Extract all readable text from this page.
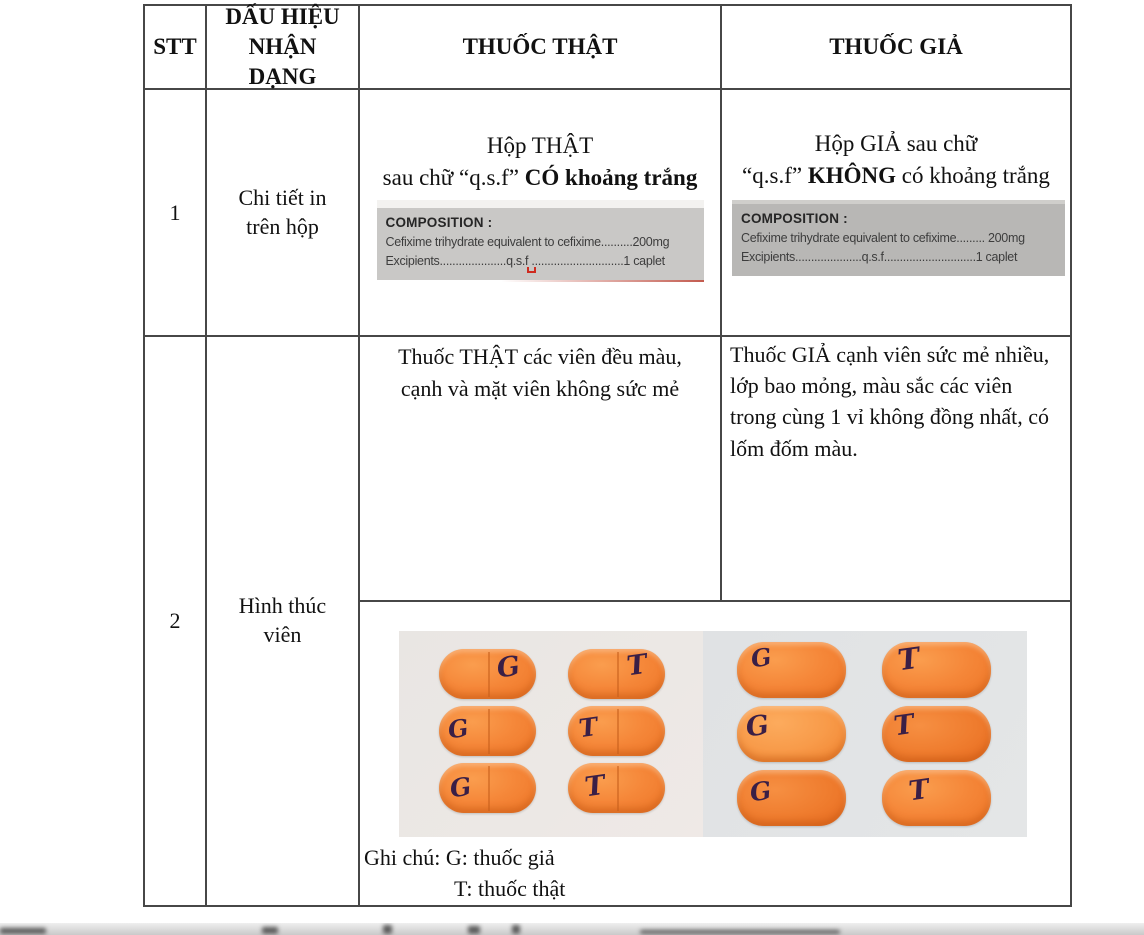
STT
DẤU HIỆU
NHẬN
DẠNG
THUỐC THẬT	THUỐC GIẢ
1
Chi tiết in
trên hộp
Hộp THẬT
sau chữ “q.s.f” CÓ khoảng trắng
COMPOSITION :
Cefixime trihydrate equivalent to cefixime..........200mg
Excipients.....................q.s.f .............................1 caplet
Hộp GIẢ sau chữ
“q.s.f” KHÔNG có khoảng trắng
COMPOSITION :
Cefixime trihydrate equivalent to cefixime......... 200mg
Excipients.....................q.s.f.............................1 caplet
2
Hình thúc
viên
Thuốc THẬT các viên đều màu,
cạnh và mặt viên không sức mẻ
Thuốc GIẢ cạnh viên sức mẻ nhiều, lớp bao mỏng, màu sắc các viên trong cùng 1 vỉ không đồng nhất, có lốm đốm màu.
G
G
G
T
T
T
G
G
G
T
T
T
Ghi chú: G: thuốc giả
T: thuốc thật
